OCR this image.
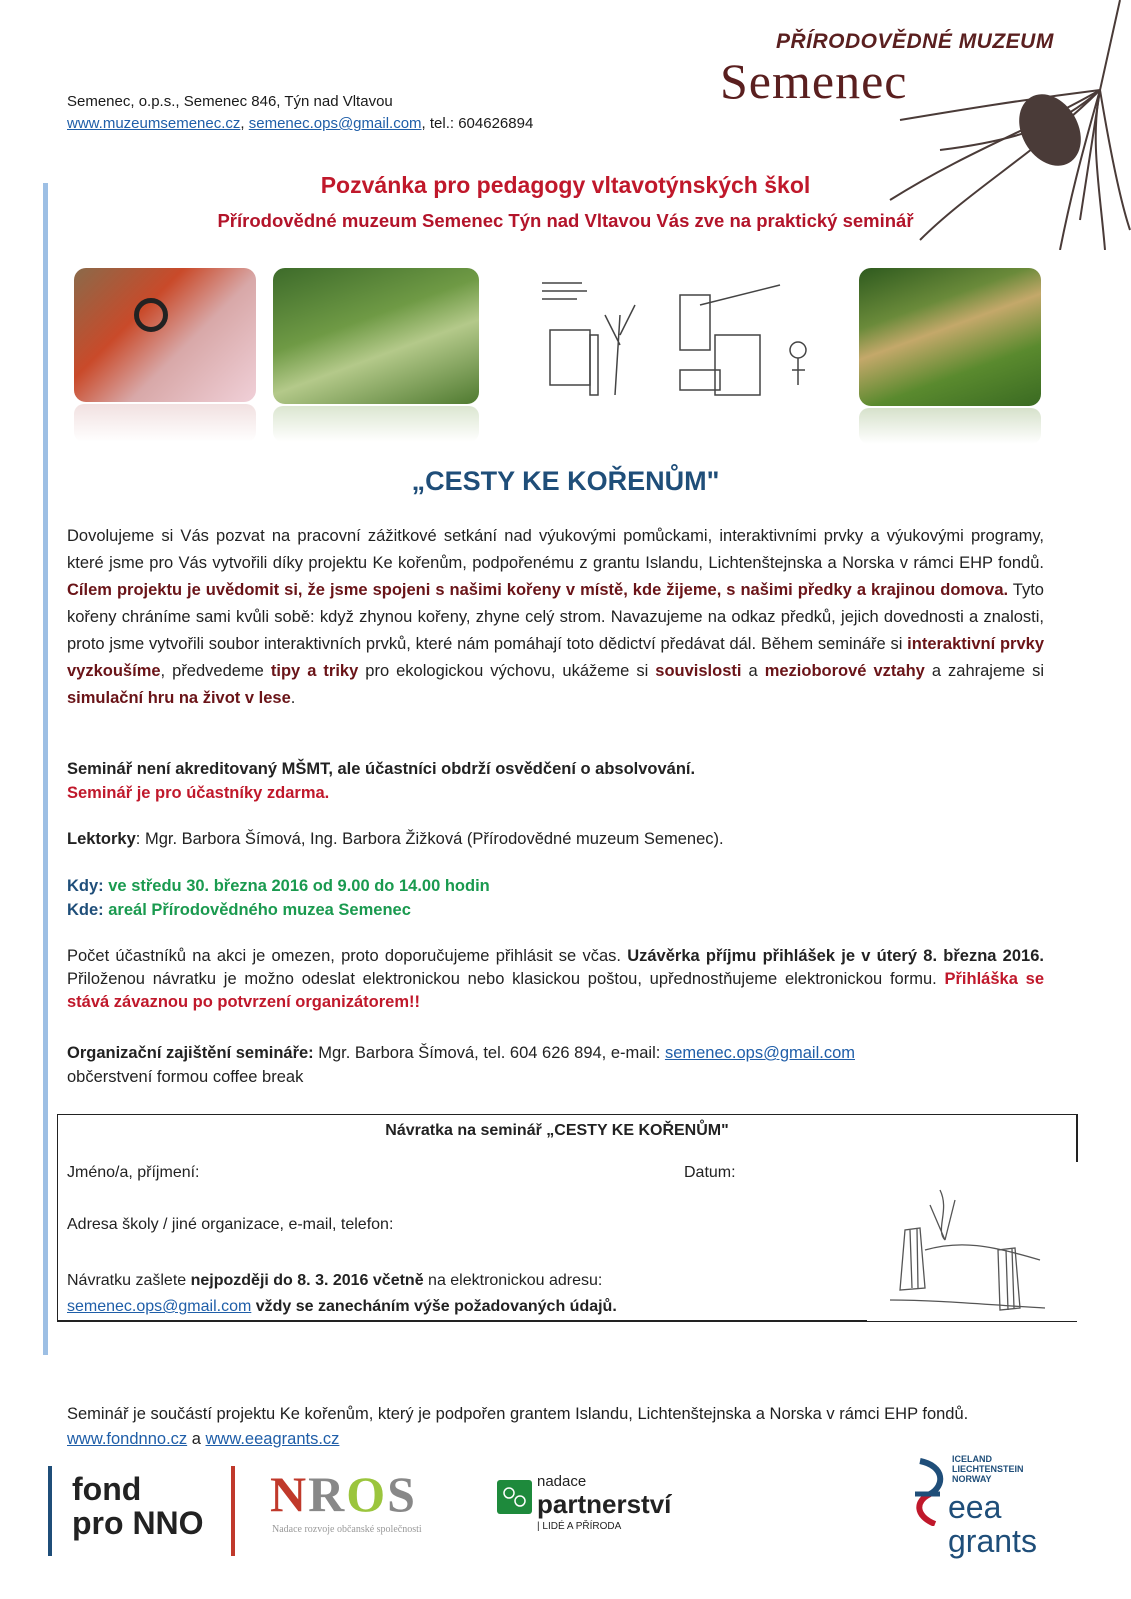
Semenec, o.p.s., Semenec 846, Týn nad Vltavou
www.muzeumsemenec.cz, semenec.ops@gmail.com, tel.: 604626894
PŘÍRODOVĚDNÉ MUZEUM
Semenec
Pozvánka pro pedagogy vltavotýnských škol
Přírodovědné muzeum Semenec Týn nad Vltavou Vás zve na praktický seminář
„CESTY KE KOŘENŮM"
Dovolujeme si Vás pozvat na pracovní zážitkové setkání nad výukovými pomůckami, interaktivními prvky a výukovými programy, které jsme pro Vás vytvořili díky projektu Ke kořenům, podpořenému z grantu Islandu, Lichtenštejnska a Norska v rámci EHP fondů. Cílem projektu je uvědomit si, že jsme spojeni s našimi kořeny v místě, kde žijeme, s našimi předky a krajinou domova. Tyto kořeny chráníme sami kvůli sobě: když zhynou kořeny, zhyne celý strom. Navazujeme na odkaz předků, jejich dovednosti a znalosti, proto jsme vytvořili soubor interaktivních prvků, které nám pomáhají toto dědictví předávat dál. Během semináře si interaktivní prvky vyzkoušíme, předvedeme tipy a triky pro ekologickou výchovu, ukážeme si souvislosti a mezioborové vztahy a zahrajeme si simulační hru na život v lese.
Seminář není akreditovaný MŠMT, ale účastníci obdrží osvědčení o absolvování.
Seminář je pro účastníky zdarma.
Lektorky: Mgr. Barbora Šímová, Ing. Barbora Žižková (Přírodovědné muzeum Semenec).
Kdy: ve středu 30. března 2016 od 9.00 do 14.00 hodin
Kde: areál Přírodovědného muzea Semenec
Počet účastníků na akci je omezen, proto doporučujeme přihlásit se včas. Uzávěrka příjmu přihlášek je v úterý 8. března 2016. Přiloženou návratku je možno odeslat elektronickou nebo klasickou poštou, upřednostňujeme elektronickou formu. Přihláška se stává závaznou po potvrzení organizátorem!!
Organizační zajištění semináře: Mgr. Barbora Šímová, tel. 604 626 894, e-mail: semenec.ops@gmail.com
občerstvení formou coffee break
Návratka na seminář „CESTY KE KOŘENŮM"
Jméno/a, příjmení:	Datum:
Adresa školy / jiné organizace, e-mail, telefon:
Návratku zašlete nejpozději do 8. 3. 2016 včetně na elektronickou adresu:
semenec.ops@gmail.com vždy se zanecháním výše požadovaných údajů.
Seminář je součástí projektu Ke kořenům, který je podpořen grantem Islandu, Lichtenštejnska a Norska v rámci EHP fondů. www.fondnno.cz a www.eeagrants.cz
fond
pro NNO
NROS
Nadace rozvoje občanské společnosti
nadace
partnerství
| LIDÉ A PŘÍRODA
ICELAND
LIECHTENSTEIN
NORWAY
eea
grants
